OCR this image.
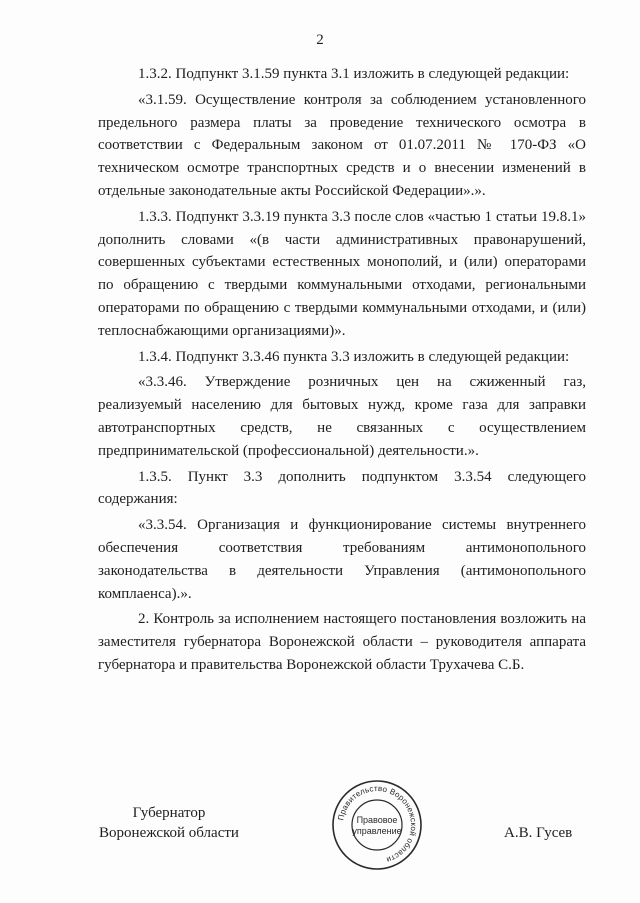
2

1.3.2. Подпункт 3.1.59 пункта 3.1 изложить в следующей редакции:

«3.1.59. Осуществление контроля за соблюдением установленного предельного размера платы за проведение технического осмотра в соответствии с Федеральным законом от 01.07.2011 № 170-ФЗ «О техническом осмотре транспортных средств и о внесении изменений в отдельные законодательные акты Российской Федерации».».

1.3.3. Подпункт 3.3.19 пункта 3.3 после слов «частью 1 статьи 19.8.1» дополнить словами «(в части административных правонарушений, совершенных субъектами естественных монополий, и (или) операторами по обращению с твердыми коммунальными отходами, региональными операторами по обращению с твердыми коммунальными отходами, и (или) теплоснабжающими организациями)».

1.3.4. Подпункт 3.3.46 пункта 3.3 изложить в следующей редакции:

«3.3.46. Утверждение розничных цен на сжиженный газ, реализуемый населению для бытовых нужд, кроме газа для заправки автотранспортных средств, не связанных с осуществлением предпринимательской (профессиональной) деятельности.».

1.3.5. Пункт 3.3 дополнить подпунктом 3.3.54 следующего содержания:

«3.3.54. Организация и функционирование системы внутреннего обеспечения соответствия требованиям антимонопольного законодательства в деятельности Управления (антимонопольного комплаенса).».

2. Контроль за исполнением настоящего постановления возложить на заместителя губернатора Воронежской области – руководителя аппарата губернатора и правительства Воронежской области Трухачева С.Б.

Губернатор
Воронежской области
Правительство Воронежской области
Правовое
управление	А.В. Гусев
